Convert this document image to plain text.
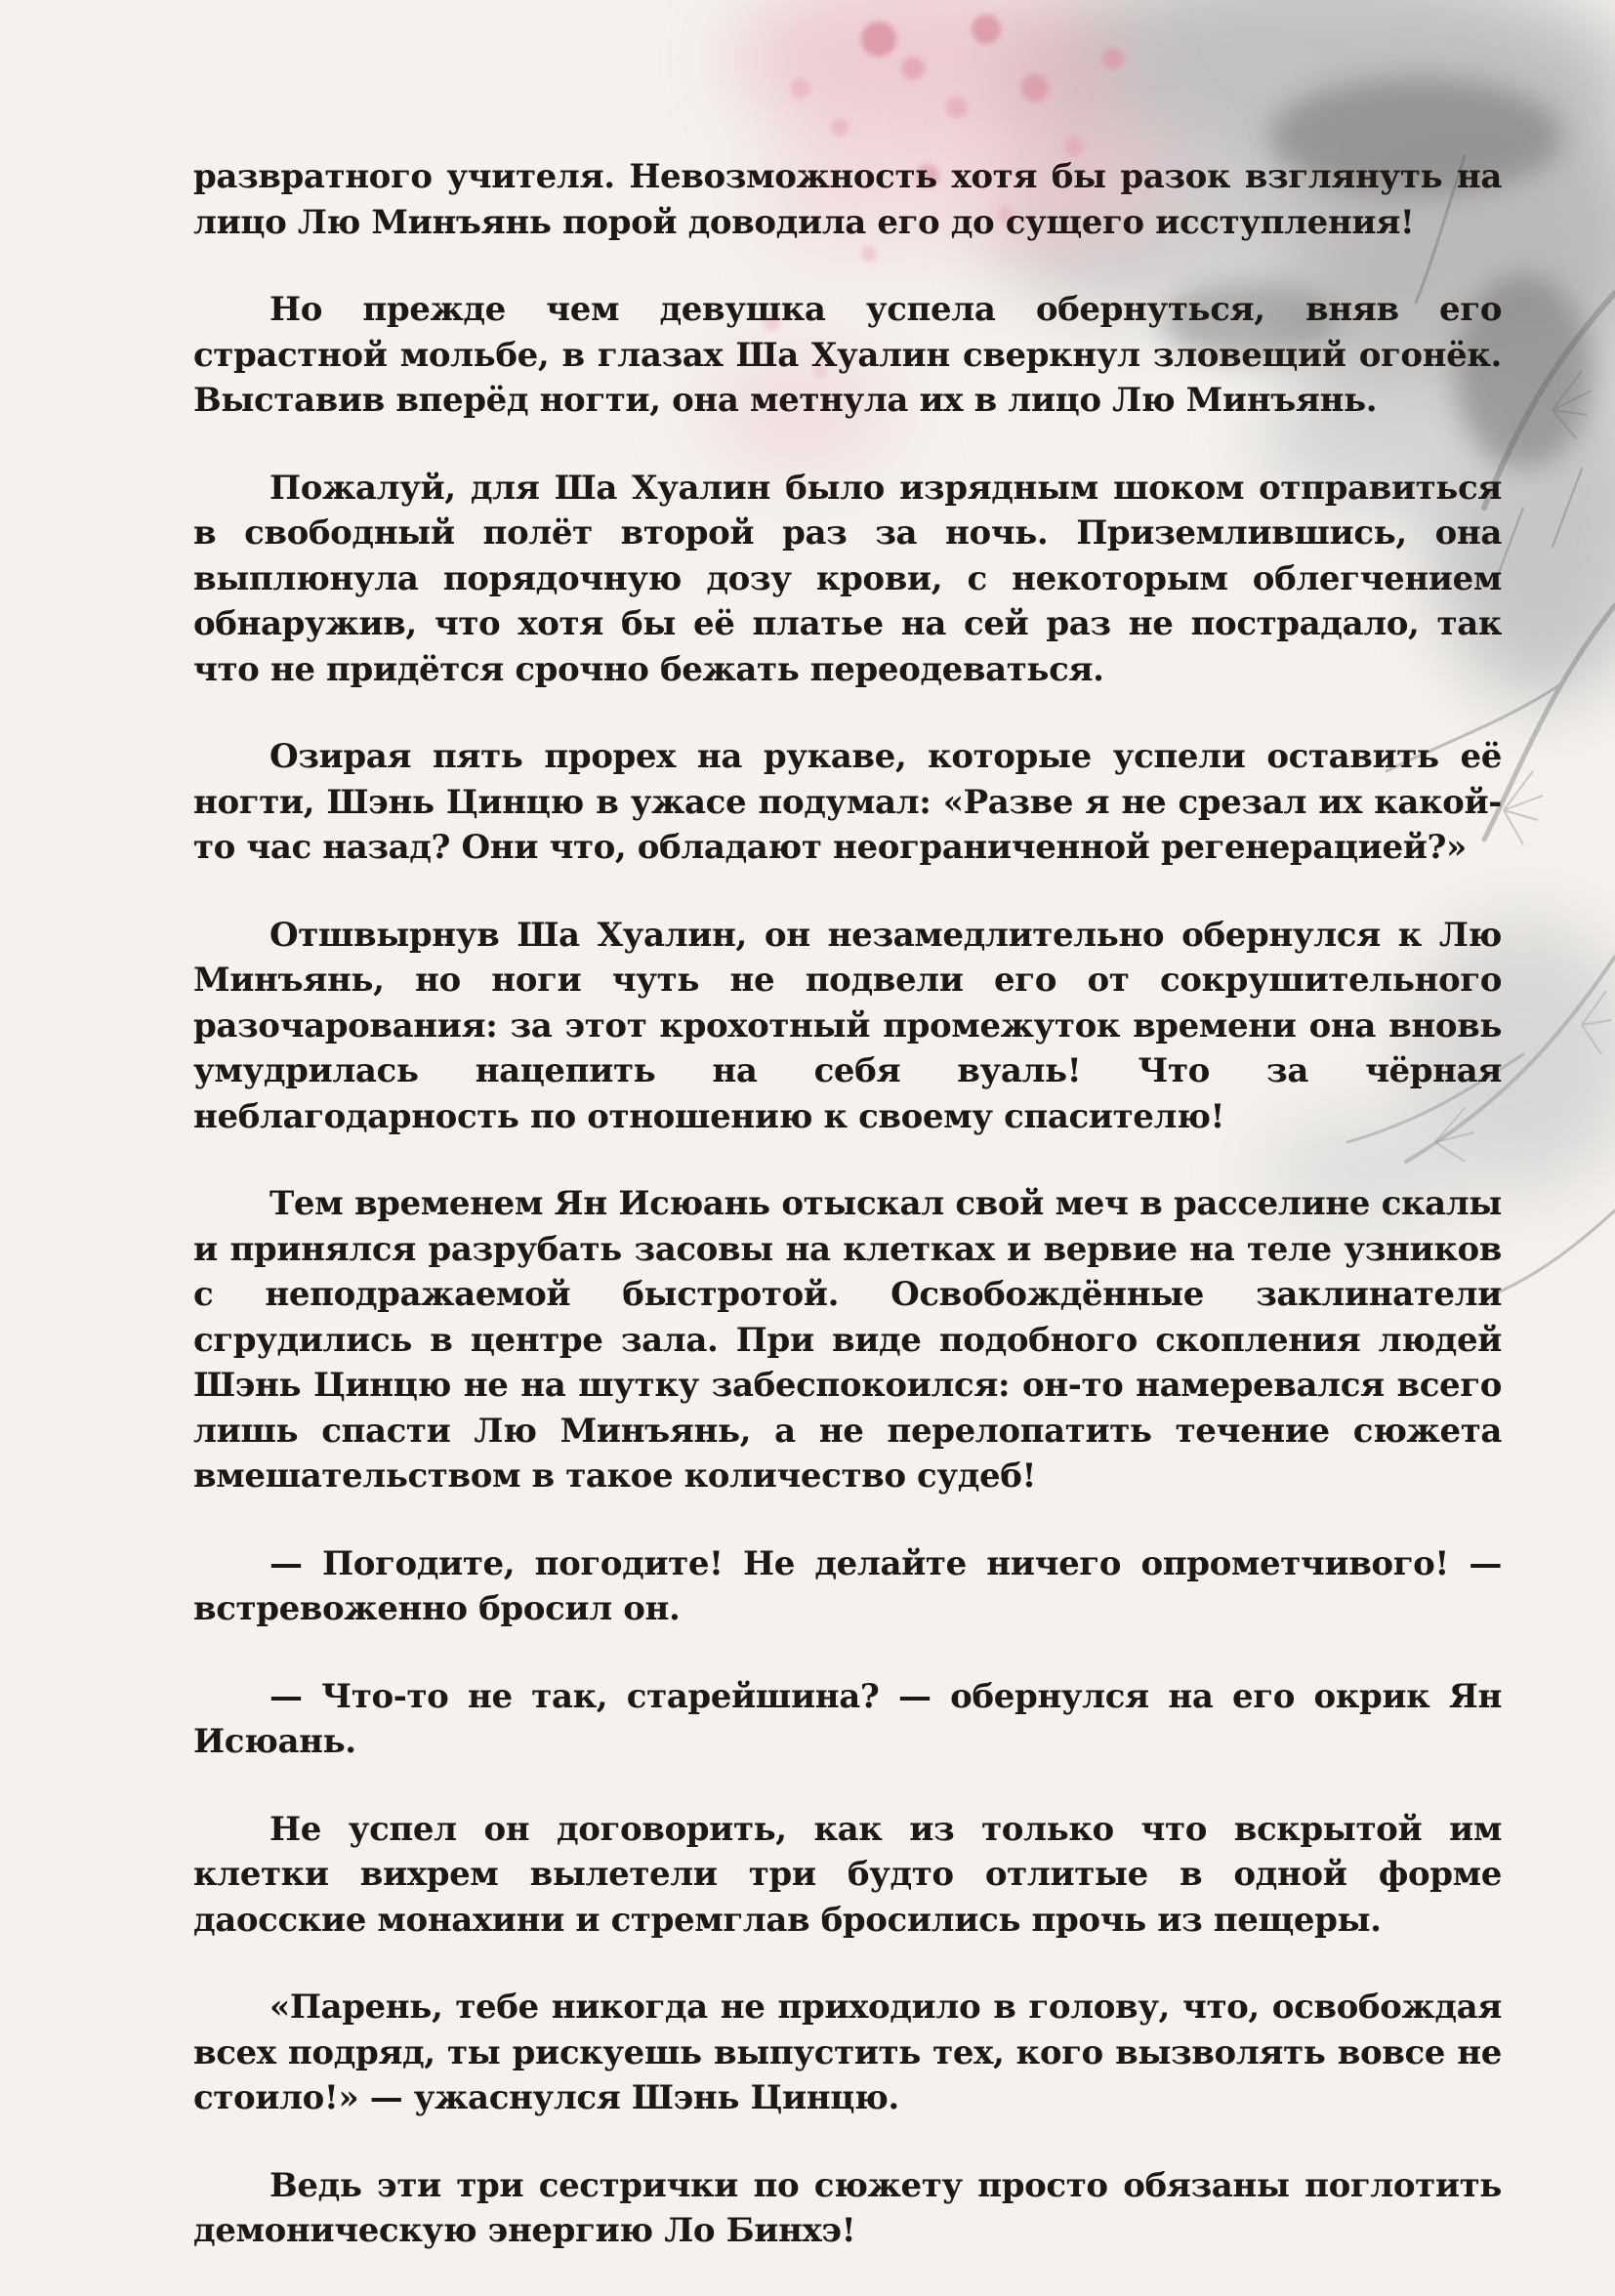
развратного учителя. Невозможность хотя бы разок взглянуть на лицо Лю Минъянь порой доводила его до сущего исступления!

Но прежде чем девушка успела обернуться, вняв его страстной мольбе, в глазах Ша Хуалин сверкнул зловещий огонёк. Выставив вперёд ногти, она метнула их в лицо Лю Минъянь.

Пожалуй, для Ша Хуалин было изрядным шоком отправиться в свободный полёт второй раз за ночь. Приземлившись, она выплюнула порядочную дозу крови, с некоторым облегчением обнаружив, что хотя бы её платье на сей раз не пострадало, так что не придётся срочно бежать переодеваться.

Озирая пять прорех на рукаве, которые успели оставить её ногти, Шэнь Цинцю в ужасе подумал: «Разве я не срезал их какой-то час назад? Они что, обладают неограниченной регенерацией?»

Отшвырнув Ша Хуалин, он незамедлительно обернулся к Лю Минъянь, но ноги чуть не подвели его от сокрушительного разочарования: за этот крохотный промежуток времени она вновь умудрилась нацепить на себя вуаль! Что за чёрная неблагодарность по отношению к своему спасителю!

Тем временем Ян Исюань отыскал свой меч в расселине скалы и принялся разрубать засовы на клетках и вервие на теле узников с неподражаемой быстротой. Освобождённые заклинатели сгрудились в центре зала. При виде подобного скопления людей Шэнь Цинцю не на шутку забеспокоился: он-то намеревался всего лишь спасти Лю Минъянь, а не перелопатить течение сюжета вмешательством в такое количество судеб!

— Погодите, погодите! Не делайте ничего опрометчивого! — встревоженно бросил он.

— Что-то не так, старейшина? — обернулся на его окрик Ян Исюань.

Не успел он договорить, как из только что вскрытой им клетки вихрем вылетели три будто отлитые в одной форме даосские монахини и стремглав бросились прочь из пещеры.

«Парень, тебе никогда не приходило в голову, что, освобождая всех подряд, ты рискуешь выпустить тех, кого вызволять вовсе не стоило!» — ужаснулся Шэнь Цинцю.

Ведь эти три сестрички по сюжету просто обязаны поглотить демоническую энергию Ло Бинхэ!
